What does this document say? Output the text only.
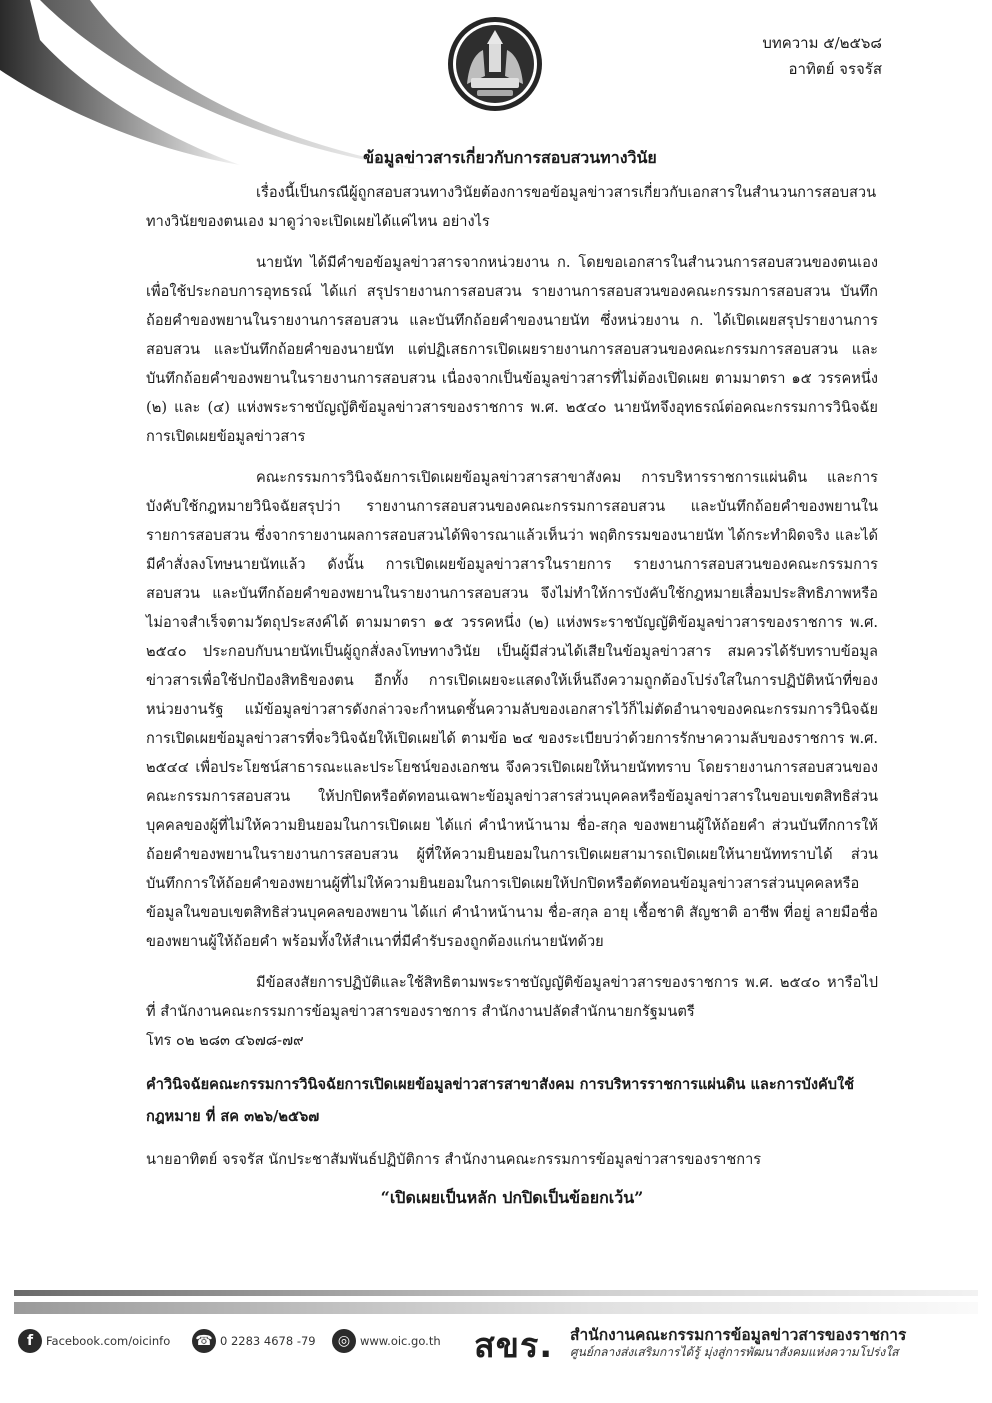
บทความ ๕/๒๕๖๘
อาทิตย์ จรจรัส
ข้อมูลข่าวสารเกี่ยวกับการสอบสวนทางวินัย

เรื่องนี้เป็นกรณีผู้ถูกสอบสวนทางวินัยต้องการขอข้อมูลข่าวสารเกี่ยวกับเอกสารในสำนวนการสอบสวนทางวินัยของตนเอง มาดูว่าจะเปิดเผยได้แค่ไหน อย่างไร

นายนัท ได้มีคำขอข้อมูลข่าวสารจากหน่วยงาน ก. โดยขอเอกสารในสำนวนการสอบสวนของตนเองเพื่อใช้ประกอบการอุทธรณ์ ได้แก่ สรุปรายงานการสอบสวน รายงานการสอบสวนของคณะกรรมการสอบสวน บันทึกถ้อยคำของพยานในรายงานการสอบสวน และบันทึกถ้อยคำของนายนัท ซึ่งหน่วยงาน ก. ได้เปิดเผยสรุปรายงานการสอบสวน และบันทึกถ้อยคำของนายนัท แต่ปฏิเสธการเปิดเผยรายงานการสอบสวนของคณะกรรมการสอบสวน และบันทึกถ้อยคำของพยานในรายงานการสอบสวน เนื่องจากเป็นข้อมูลข่าวสารที่ไม่ต้องเปิดเผย ตามมาตรา ๑๕ วรรคหนึ่ง (๒) และ (๔) แห่งพระราชบัญญัติข้อมูลข่าวสารของราชการ พ.ศ. ๒๕๔๐ นายนัทจึงอุทธรณ์ต่อคณะกรรมการวินิจฉัยการเปิดเผยข้อมูลข่าวสาร

คณะกรรมการวินิจฉัยการเปิดเผยข้อมูลข่าวสารสาขาสังคม การบริหารราชการแผ่นดิน และการบังคับใช้กฎหมายวินิจฉัยสรุปว่า รายงานการสอบสวนของคณะกรรมการสอบสวน และบันทึกถ้อยคำของพยานในรายการสอบสวน ซึ่งจากรายงานผลการสอบสวนได้พิจารณาแล้วเห็นว่า พฤติกรรมของนายนัท ได้กระทำผิดจริง และได้มีคำสั่งลงโทษนายนัทแล้ว ดังนั้น การเปิดเผยข้อมูลข่าวสารในรายการ รายงานการสอบสวนของคณะกรรมการสอบสวน และบันทึกถ้อยคำของพยานในรายงานการสอบสวน จึงไม่ทำให้การบังคับใช้กฎหมายเสื่อมประสิทธิภาพหรือไม่อาจสำเร็จตามวัตถุประสงค์ได้ ตามมาตรา ๑๕ วรรคหนึ่ง (๒) แห่งพระราชบัญญัติข้อมูลข่าวสารของราชการ พ.ศ. ๒๕๔๐ ประกอบกับนายนัทเป็นผู้ถูกสั่งลงโทษทางวินัย เป็นผู้มีส่วนได้เสียในข้อมูลข่าวสาร สมควรได้รับทราบข้อมูลข่าวสารเพื่อใช้ปกป้องสิทธิของตน อีกทั้ง การเปิดเผยจะแสดงให้เห็นถึงความถูกต้องโปร่งใสในการปฏิบัติหน้าที่ของหน่วยงานรัฐ แม้ข้อมูลข่าวสารดังกล่าวจะกำหนดชั้นความลับของเอกสารไว้ก็ไม่ตัดอำนาจของคณะกรรมการวินิจฉัยการเปิดเผยข้อมูลข่าวสารที่จะวินิจฉัยให้เปิดเผยได้ ตามข้อ ๒๔ ของระเบียบว่าด้วยการรักษาความลับของราชการ พ.ศ. ๒๕๔๔ เพื่อประโยชน์สาธารณะและประโยชน์ของเอกชน จึงควรเปิดเผยให้นายนัททราบ โดยรายงานการสอบสวนของคณะกรรมการสอบสวน ให้ปกปิดหรือตัดทอนเฉพาะข้อมูลข่าวสารส่วนบุคคลหรือข้อมูลข่าวสารในขอบเขตสิทธิส่วนบุคคลของผู้ที่ไม่ให้ความยินยอมในการเปิดเผย ได้แก่ คำนำหน้านาม ชื่อ-สกุล ของพยานผู้ให้ถ้อยคำ ส่วนบันทึกการให้ถ้อยคำของพยานในรายงานการสอบสวน ผู้ที่ให้ความยินยอมในการเปิดเผยสามารถเปิดเผยให้นายนัททราบได้ ส่วนบันทึกการให้ถ้อยคำของพยานผู้ที่ไม่ให้ความยินยอมในการเปิดเผยให้ปกปิดหรือตัดทอนข้อมูลข่าวสารส่วนบุคคลหรือข้อมูลในขอบเขตสิทธิส่วนบุคคลของพยาน ได้แก่ คำนำหน้านาม ชื่อ-สกุล อายุ เชื้อชาติ สัญชาติ อาชีพ ที่อยู่ ลายมือชื่อของพยานผู้ให้ถ้อยคำ พร้อมทั้งให้สำเนาที่มีคำรับรองถูกต้องแก่นายนัทด้วย

มีข้อสงสัยการปฏิบัติและใช้สิทธิตามพระราชบัญญัติข้อมูลข่าวสารของราชการ พ.ศ. ๒๕๔๐ หารือไปที่ สำนักงานคณะกรรมการข้อมูลข่าวสารของราชการ สำนักงานปลัดสำนักนายกรัฐมนตรี

โทร ๐๒ ๒๘๓ ๔๖๗๘-๗๙

คำวินิจฉัยคณะกรรมการวินิจฉัยการเปิดเผยข้อมูลข่าวสารสาขาสังคม การบริหารราชการแผ่นดิน และการบังคับใช้กฎหมาย ที่ สค ๓๒๖/๒๕๖๗

นายอาทิตย์ จรจรัส นักประชาสัมพันธ์ปฏิบัติการ สำนักงานคณะกรรมการข้อมูลข่าวสารของราชการ

“เปิดเผยเป็นหลัก ปกปิดเป็นข้อยกเว้น”

f	Facebook.com/oicinfo ☎ 0 2283 4678 -79	◎ www.oic.go.th สขร. สำนักงานคณะกรรมการข้อมูลข่าวสารของราชการ
ศูนย์กลางส่งเสริมการได้รู้ มุ่งสู่การพัฒนาสังคมแห่งความโปร่งใส
